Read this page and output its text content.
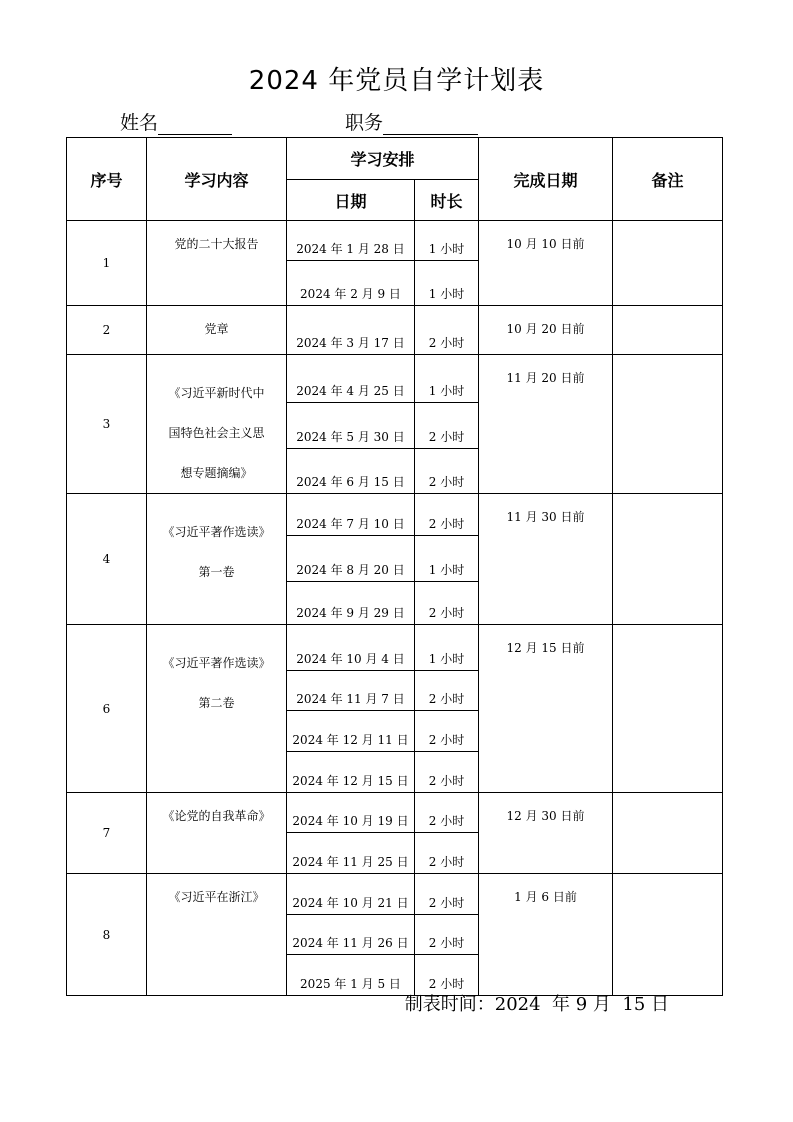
2024 年党员自学计划表
姓名	职务
序号	学习内容	学习安排		完成日期	备注
		日期	时长		
1	党的二十大报告	2024 年 1 月 28 日	1 小时	10 月 10 日前	

		2024 年 2 月 9 日	1 小时		
2	党章	2024 年 3 月 17 日	2 小时	10 月 20 日前	

3	《习近平新时代中
国特色社会主义思
想专题摘编》	2024 年 4 月 25 日	1 小时	11 月 20 日前	

		2024 年 5 月 30 日	2 小时		
		2024 年 6 月 15 日	2 小时		
4	《习近平著作选读》
第一卷	2024 年 7 月 10 日	2 小时	11 月 30 日前	

		2024 年 8 月 20 日	1 小时		
		2024 年 9 月 29 日	2 小时		
6	《习近平著作选读》
第二卷	2024 年 10 月 4 日	1 小时	12 月 15 日前	

		2024 年 11 月 7 日	2 小时		
		2024 年 12 月 11 日	2 小时		
		2024 年 12 月 15 日	2 小时		
7	《论党的自我革命》	2024 年 10 月 19 日	2 小时	12 月 30 日前	

		2024 年 11 月 25 日	2 小时		
8	《习近平在浙江》	2024 年 10 月 21 日	2 小时	1 月 6 日前	

		2024 年 11 月 26 日	2 小时		
		2025 年 1 月 5 日	2 小时		
制表时间：2024  年 9 月  15 日
